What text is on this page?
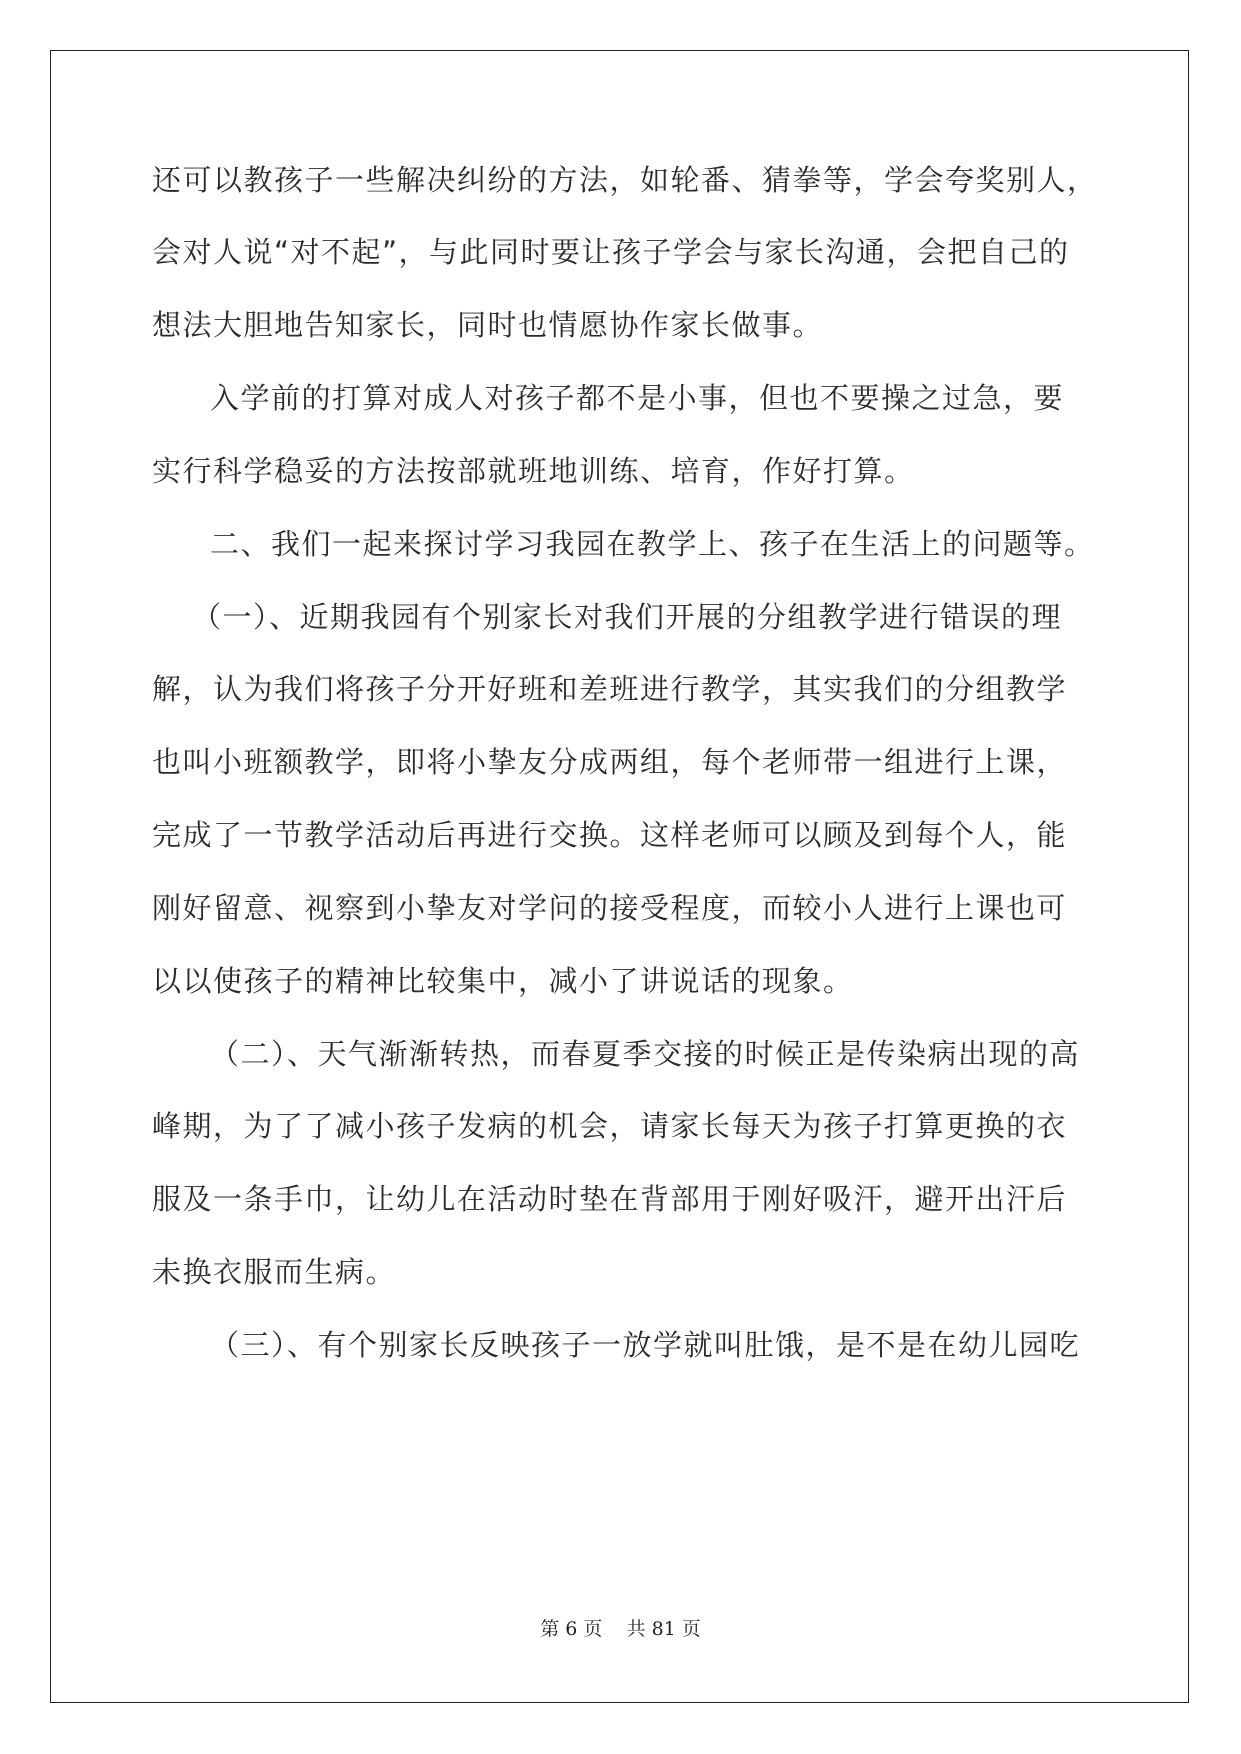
还可以教孩子一些解决纠纷的方法，如轮番、猜拳等，学会夸奖别人，
会对人说“对不起”，与此同时要让孩子学会与家长沟通，会把自己的
想法大胆地告知家长，同时也情愿协作家长做事。
入学前的打算对成人对孩子都不是小事，但也不要操之过急，要
实行科学稳妥的方法按部就班地训练、培育，作好打算。
二、我们一起来探讨学习我园在教学上、孩子在生活上的问题等。
（一）、近期我园有个别家长对我们开展的分组教学进行错误的理
解，认为我们将孩子分开好班和差班进行教学，其实我们的分组教学
也叫小班额教学，即将小挚友分成两组，每个老师带一组进行上课，
完成了一节教学活动后再进行交换。这样老师可以顾及到每个人，能
刚好留意、视察到小挚友对学问的接受程度，而较小人进行上课也可
以以使孩子的精神比较集中，减小了讲说话的现象。
（二）、天气渐渐转热，而春夏季交接的时候正是传染病出现的高
峰期，为了了减小孩子发病的机会，请家长每天为孩子打算更换的衣
服及一条手巾，让幼儿在活动时垫在背部用于刚好吸汗，避开出汗后
未换衣服而生病。
（三）、有个别家长反映孩子一放学就叫肚饿，是不是在幼儿园吃
第 6 页 共 81 页
